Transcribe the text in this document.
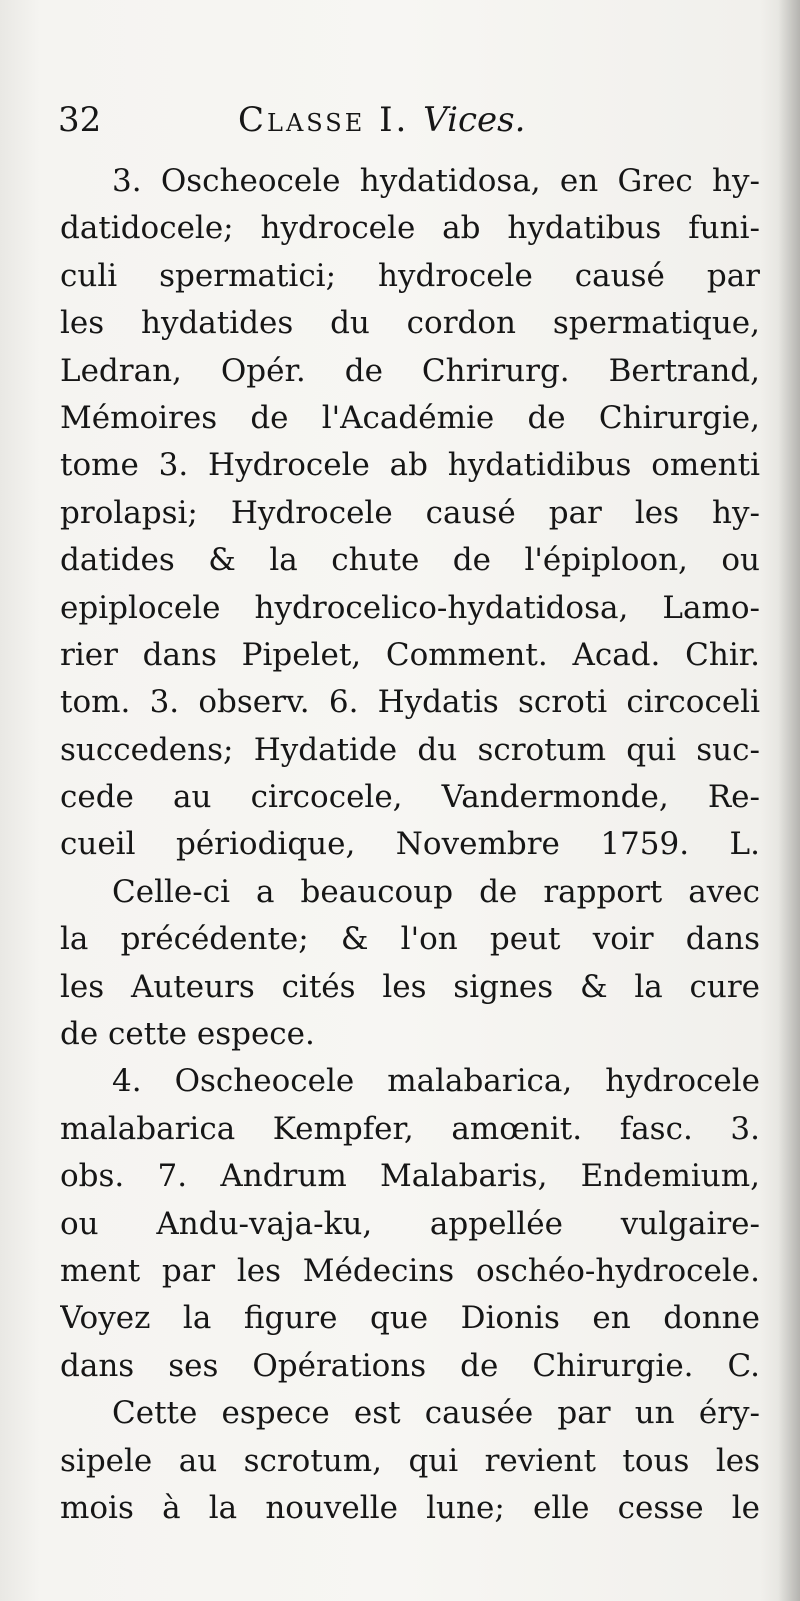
32	Classe I. Vices.
3. Oscheocele hydatidosa, en Grec hy-
datidocele; hydrocele ab hydatibus funi-
culi spermatici; hydrocele causé par
les hydatides du cordon spermatique,
Ledran, Opér. de Chrirurg. Bertrand,
Mémoires de l'Académie de Chirurgie,
tome 3. Hydrocele ab hydatidibus omenti
prolapsi; Hydrocele causé par les hy-
datides & la chute de l'épiploon, ou
epiplocele hydrocelico-hydatidosa, Lamo-
rier dans Pipelet, Comment. Acad. Chir.
tom. 3. observ. 6. Hydatis scroti circoceli
succedens; Hydatide du scrotum qui suc-
cede au circocele, Vandermonde, Re-
cueil périodique, Novembre 1759. L.
Celle-ci a beaucoup de rapport avec
la précédente; & l'on peut voir dans
les Auteurs cités les signes & la cure
de cette espece.
4. Oscheocele malabarica, hydrocele
malabarica Kempfer, amœnit. fasc. 3.
obs. 7. Andrum Malabaris, Endemium,
ou Andu-vaja-ku, appellée vulgaire-
ment par les Médecins oschéo-hydrocele.
Voyez la figure que Dionis en donne
dans ses Opérations de Chirurgie. C.
Cette espece est causée par un éry-
sipele au scrotum, qui revient tous les
mois à la nouvelle lune; elle cesse le
